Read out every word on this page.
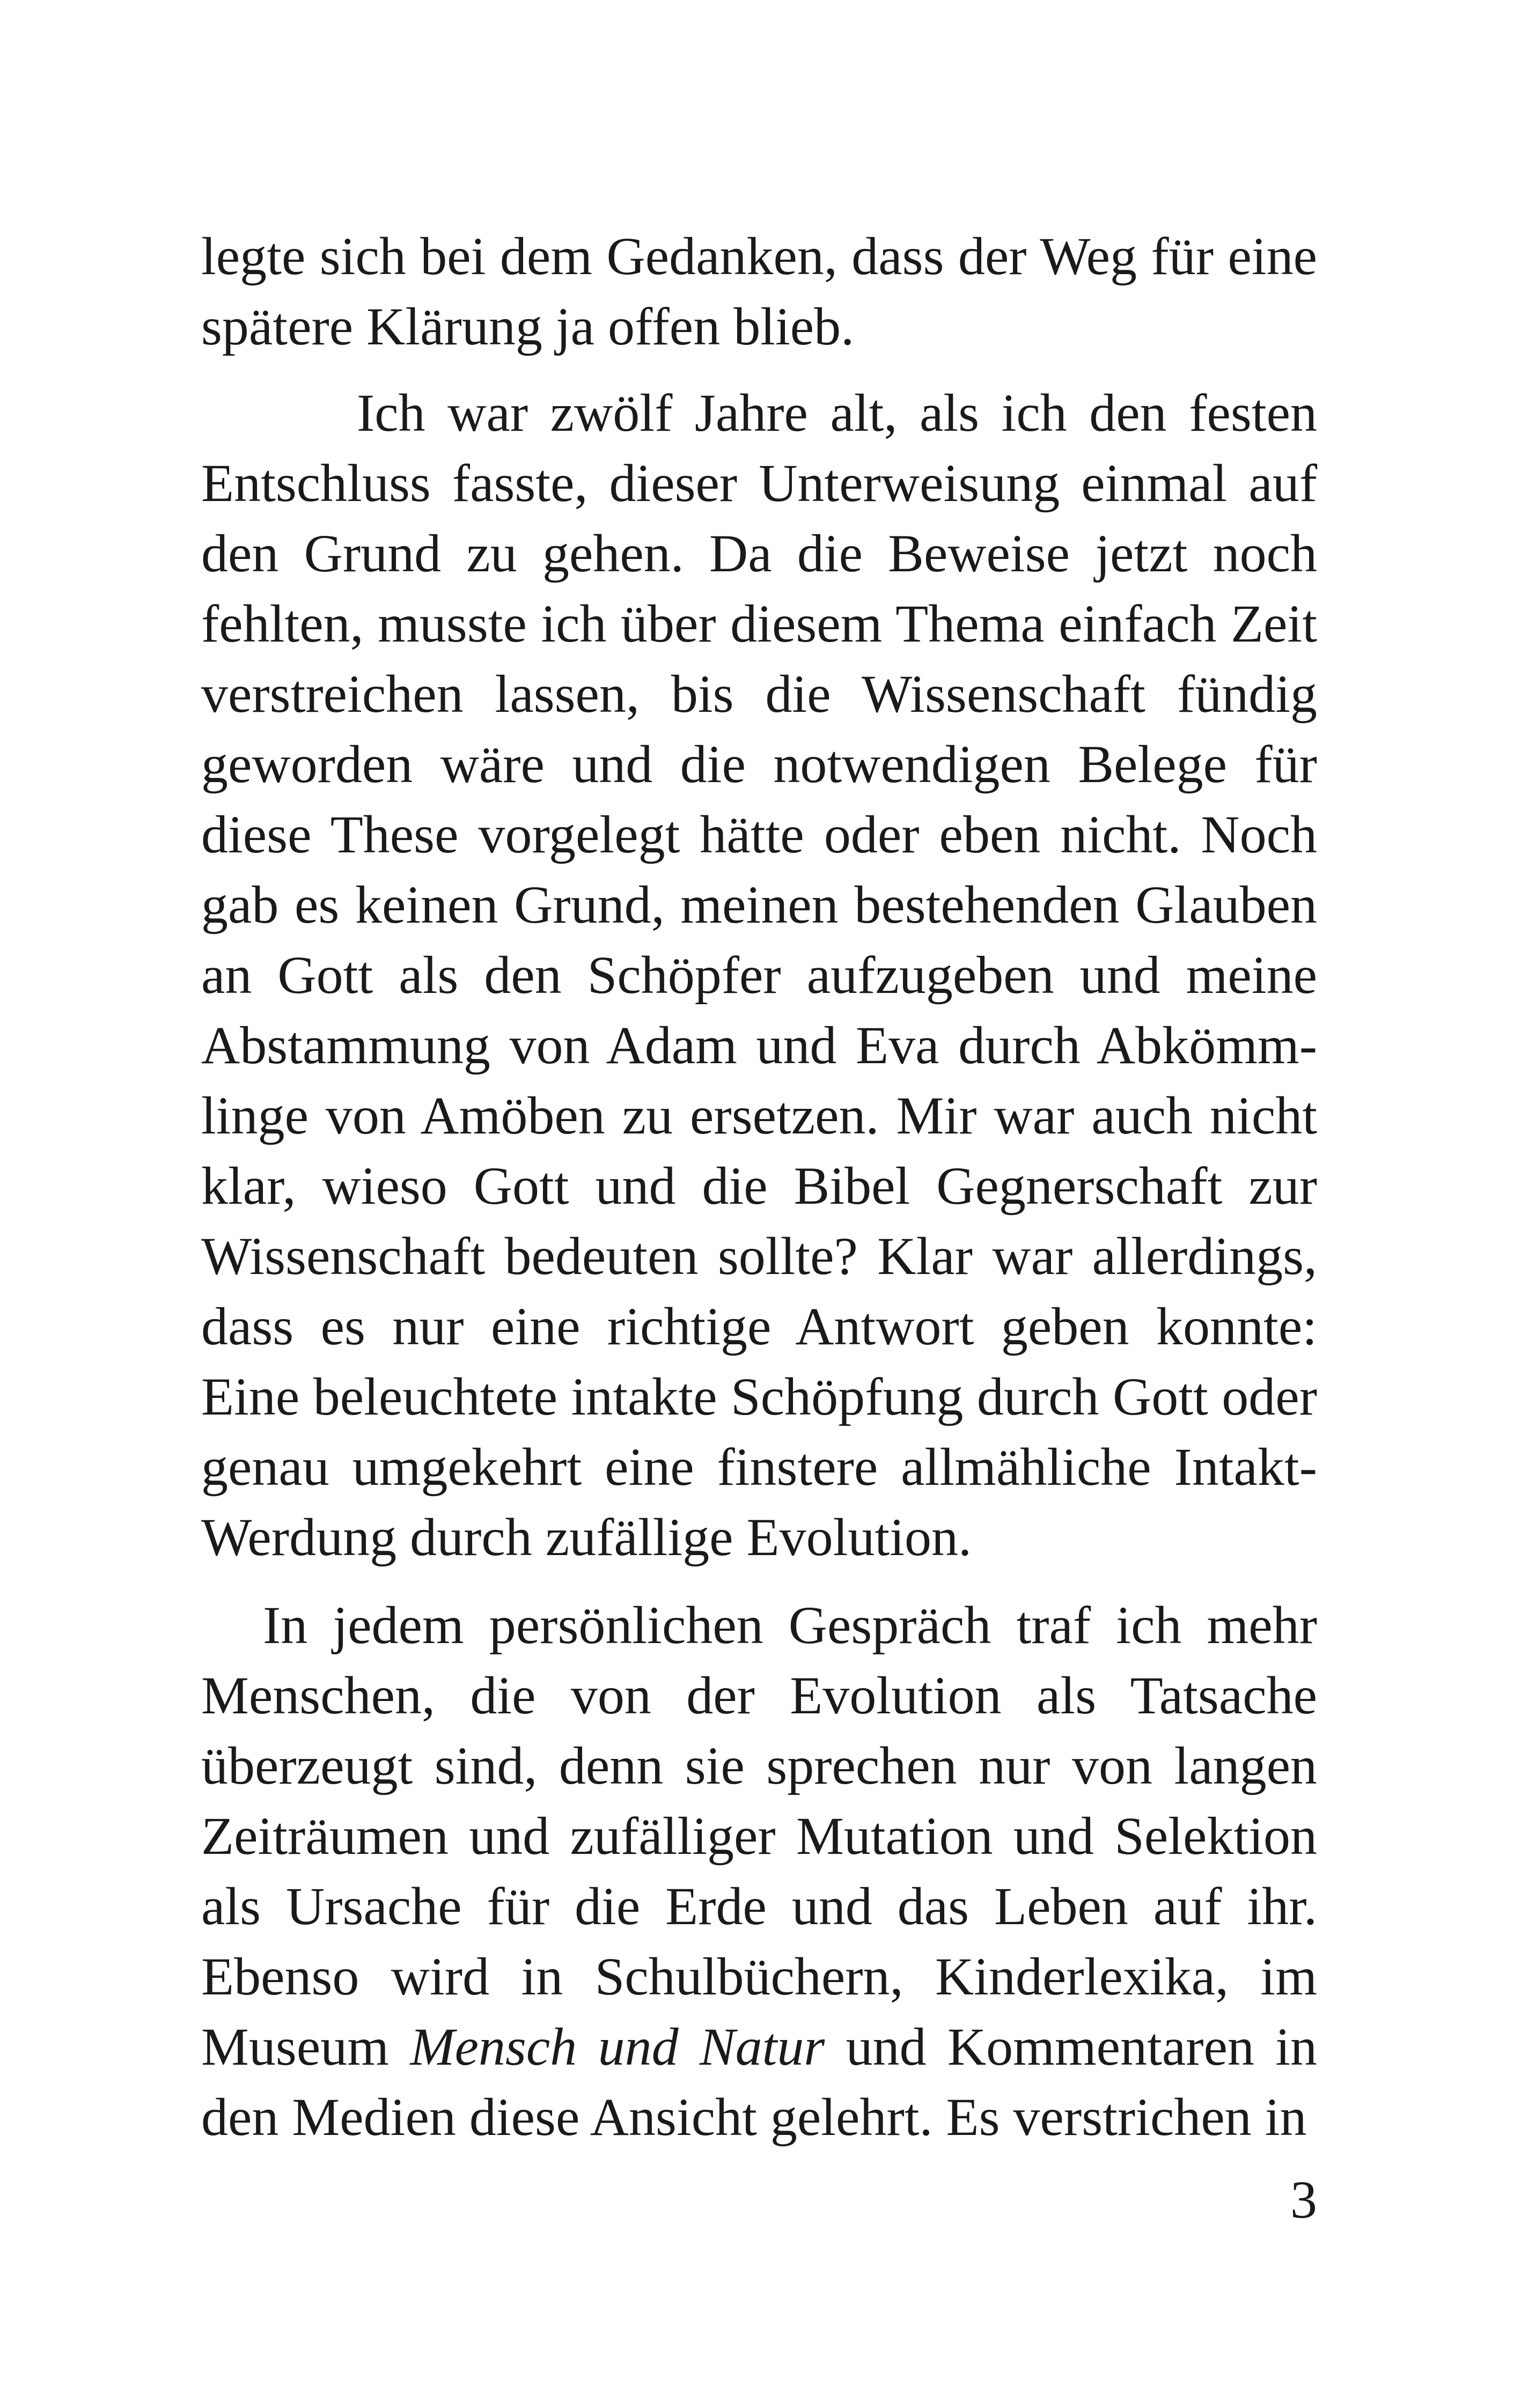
legte sich bei dem Gedanken, dass der Weg für eine spätere Klärung ja offen blieb.

Ich war zwölf Jahre alt, als ich den festen Entschluss fasste, dieser Unterweisung einmal auf den Grund zu gehen. Da die Beweise jetzt noch fehlten, musste ich über diesem Thema einfach Zeit verstreichen lassen, bis die Wissenschaft fündig geworden wäre und die notwendigen Belege für diese These vorgelegt hätte oder eben nicht. Noch gab es keinen Grund, meinen bestehenden Glauben an Gott als den Schöpfer aufzugeben und meine Abstammung von Adam und Eva durch Abkömmlinge von Amöben zu ersetzen. Mir war auch nicht klar, wieso Gott und die Bibel Gegnerschaft zur Wissenschaft bedeuten sollte? Klar war allerdings, dass es nur eine richtige Antwort geben konnte: Eine beleuchtete intakte Schöpfung durch Gott oder genau umgekehrt eine finstere allmähliche Intakt-Werdung durch zufällige Evolution.

In jedem persönlichen Gespräch traf ich mehr Menschen, die von der Evolution als Tatsache überzeugt sind, denn sie sprechen nur von langen Zeiträumen und zufälliger Mutation und Selektion als Ursache für die Erde und das Leben auf ihr. Ebenso wird in Schulbüchern, Kinderlexika, im Museum Mensch und Natur und Kommentaren in den Medien diese Ansicht gelehrt. Es verstrichen in

3
